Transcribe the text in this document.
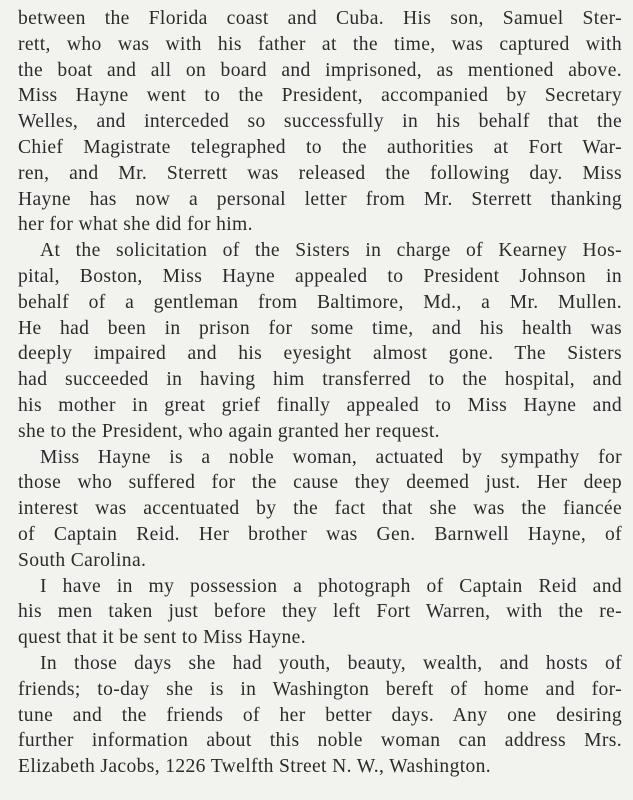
between the Florida coast and Cuba. His son, Samuel Ster-
rett, who was with his father at the time, was captured with
the boat and all on board and imprisoned, as mentioned above.
Miss Hayne went to the President, accompanied by Secretary
Welles, and interceded so successfully in his behalf that the
Chief Magistrate telegraphed to the authorities at Fort War-
ren, and Mr. Sterrett was released the following day. Miss
Hayne has now a personal letter from Mr. Sterrett thanking
her for what she did for him.
At the solicitation of the Sisters in charge of Kearney Hos-
pital, Boston, Miss Hayne appealed to President Johnson in
behalf of a gentleman from Baltimore, Md., a Mr. Mullen.
He had been in prison for some time, and his health was
deeply impaired and his eyesight almost gone. The Sisters
had succeeded in having him transferred to the hospital, and
his mother in great grief finally appealed to Miss Hayne and
she to the President, who again granted her request.
Miss Hayne is a noble woman, actuated by sympathy for
those who suffered for the cause they deemed just. Her deep
interest was accentuated by the fact that she was the fiancée
of Captain Reid. Her brother was Gen. Barnwell Hayne, of
South Carolina.
I have in my possession a photograph of Captain Reid and
his men taken just before they left Fort Warren, with the re-
quest that it be sent to Miss Hayne.
In those days she had youth, beauty, wealth, and hosts of
friends; to-day she is in Washington bereft of home and for-
tune and the friends of her better days. Any one desiring
further information about this noble woman can address Mrs.
Elizabeth Jacobs, 1226 Twelfth Street N. W., Washington.
